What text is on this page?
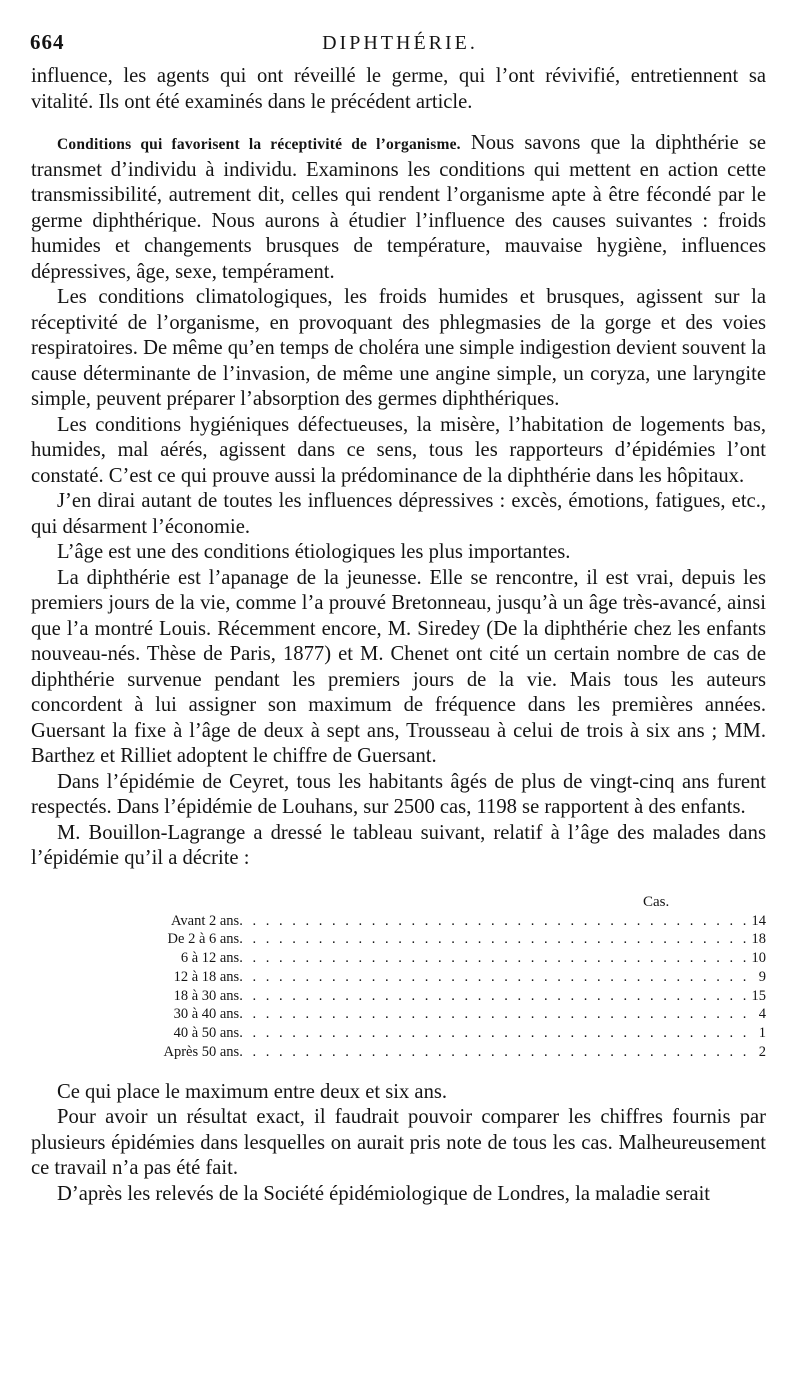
664	DIPHTHÉRIE.

influence, les agents qui ont réveillé le germe, qui l’ont révivifié, entretiennent sa vitalité. Ils ont été examinés dans le précédent article.

Conditions qui favorisent la réceptivité de l’organisme. Nous savons que la diphthérie se transmet d’individu à individu. Examinons les conditions qui mettent en action cette transmissibilité, autrement dit, celles qui rendent l’organisme apte à être fécondé par le germe diphthérique. Nous aurons à étudier l’influence des causes suivantes : froids humides et changements brusques de température, mauvaise hygiène, influences dépressives, âge, sexe, tempérament.

Les conditions climatologiques, les froids humides et brusques, agissent sur la réceptivité de l’organisme, en provoquant des phlegmasies de la gorge et des voies respiratoires. De même qu’en temps de choléra une simple indigestion devient souvent la cause déterminante de l’invasion, de même une angine simple, un coryza, une laryngite simple, peuvent préparer l’absorption des germes diphthériques.

Les conditions hygiéniques défectueuses, la misère, l’habitation de logements bas, humides, mal aérés, agissent dans ce sens, tous les rapporteurs d’épidémies l’ont constaté. C’est ce qui prouve aussi la prédominance de la diphthérie dans les hôpitaux.

J’en dirai autant de toutes les influences dépressives : excès, émotions, fatigues, etc., qui désarment l’économie.

L’âge est une des conditions étiologiques les plus importantes.

La diphthérie est l’apanage de la jeunesse. Elle se rencontre, il est vrai, depuis les premiers jours de la vie, comme l’a prouvé Bretonneau, jusqu’à un âge très-avancé, ainsi que l’a montré Louis. Récemment encore, M. Siredey (De la diphthérie chez les enfants nouveau-nés. Thèse de Paris, 1877) et M. Chenet ont cité un certain nombre de cas de diphthérie survenue pendant les premiers jours de la vie. Mais tous les auteurs concordent à lui assigner son maximum de fréquence dans les premières années. Guersant la fixe à l’âge de deux à sept ans, Trousseau à celui de trois à six ans ; MM. Barthez et Rilliet adoptent le chiffre de Guersant.

Dans l’épidémie de Ceyret, tous les habitants âgés de plus de vingt-cinq ans furent respectés. Dans l’épidémie de Louhans, sur 2500 cas, 1198 se rapportent à des enfants.

M. Bouillon-Lagrange a dressé le tableau suivant, relatif à l’âge des malades dans l’épidémie qu’il a décrite :

Cas.
Avant 2 ans	. . . . . . . . . . . . . . . . . . . . . . . . . . . . . . . . . . . . . . .	14
De 2 à 6 ans	. . . . . . . . . . . . . . . . . . . . . . . . . . . . . . . . . . . . . . .	18
6 à 12 ans	. . . . . . . . . . . . . . . . . . . . . . . . . . . . . . . . . . . . . . .	10
12 à 18 ans	. . . . . . . . . . . . . . . . . . . . . . . . . . . . . . . . . . . . . . .	9
18 à 30 ans	. . . . . . . . . . . . . . . . . . . . . . . . . . . . . . . . . . . . . . .	15
30 à 40 ans	. . . . . . . . . . . . . . . . . . . . . . . . . . . . . . . . . . . . . . .	4
40 à 50 ans	. . . . . . . . . . . . . . . . . . . . . . . . . . . . . . . . . . . . . . .	1
Après 50 ans	. . . . . . . . . . . . . . . . . . . . . . . . . . . . . . . . . . . . . . .	2

Ce qui place le maximum entre deux et six ans.

Pour avoir un résultat exact, il faudrait pouvoir comparer les chiffres fournis par plusieurs épidémies dans lesquelles on aurait pris note de tous les cas. Malheureusement ce travail n’a pas été fait.

D’après les relevés de la Société épidémiologique de Londres, la maladie serait
